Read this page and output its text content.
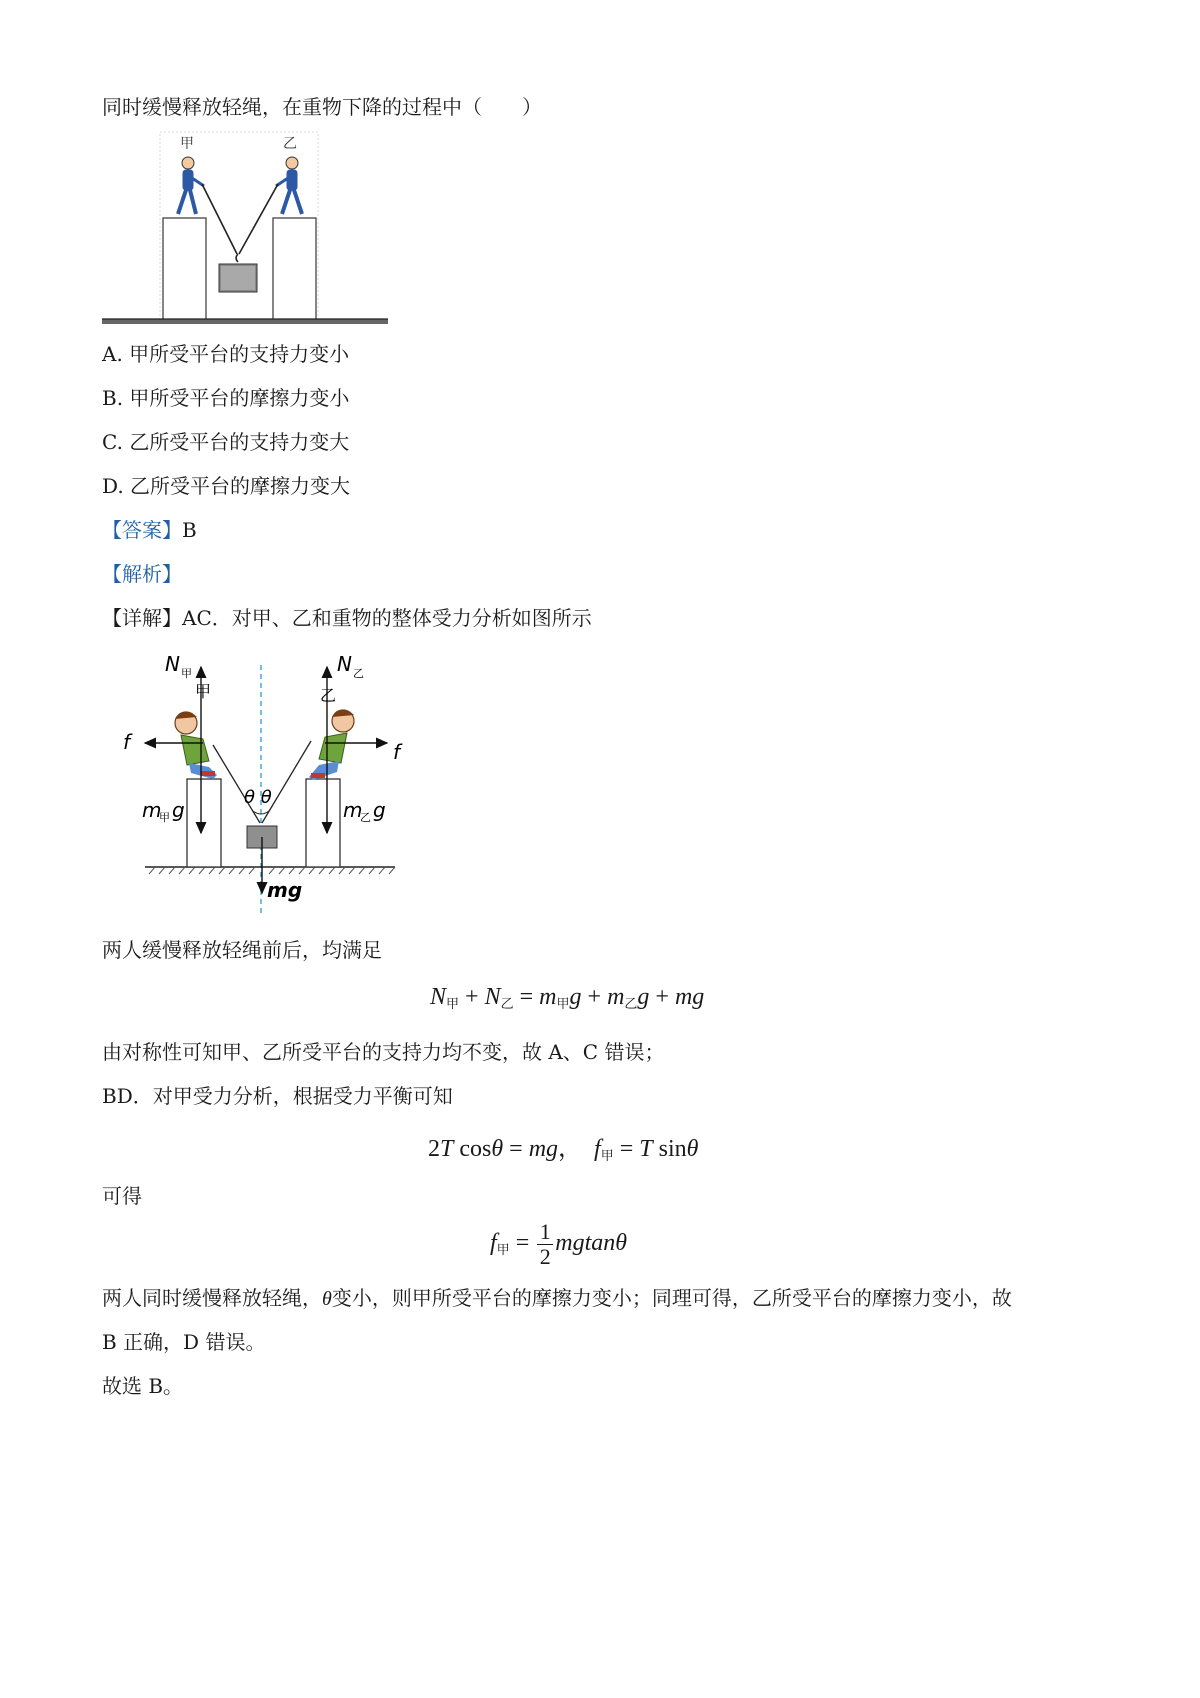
同时缓慢释放轻绳，在重物下降的过程中（　　）
甲	乙
A. 甲所受平台的支持力变小
B. 甲所受平台的摩擦力变小
C. 乙所受平台的支持力变大
D. 乙所受平台的摩擦力变大
【答案】B
【解析】
【详解】AC．对甲、乙和重物的整体受力分析如图所示
N 甲
甲
N 乙
乙
f	f
m
甲 g	m
乙 g
θ θ
mg
两人缓慢释放轻绳前后，均满足
$N_甲 + N_乙 = m_甲g + m_乙g$ + mg
由对称性可知甲、乙所受平台的支持力均不变，故 A、C 错误；
BD．对甲受力分析，根据受力平衡可知
2T cosθ = mg， $f_甲 = T$ sinθ
可得
$f_甲 = \frac{1}{2}$ mgtanθ
两人同时缓慢释放轻绳，θ变小，则甲所受平台的摩擦力变小；同理可得，乙所受平台的摩擦力变小，故
B 正确，D 错误。
故选 B。
